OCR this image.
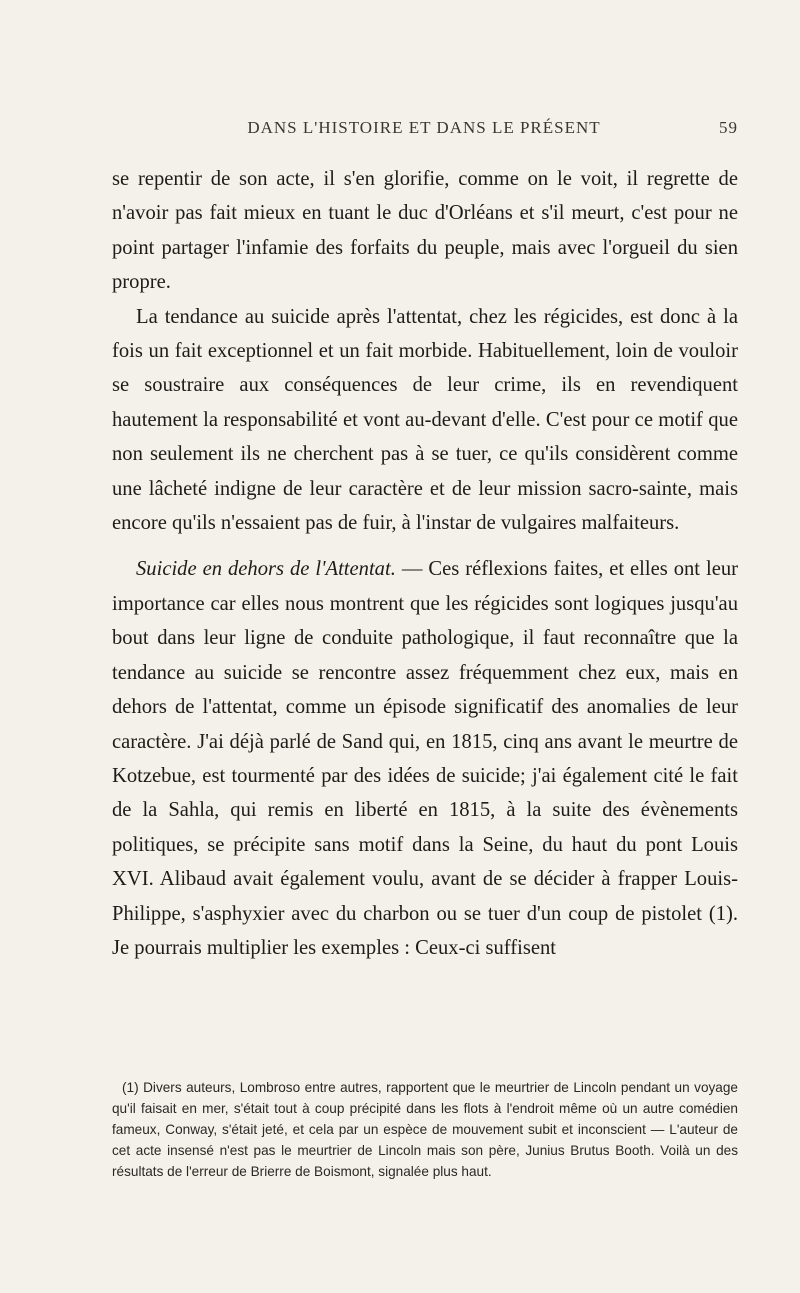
DANS L'HISTOIRE ET DANS LE PRÉSENT	59

se repentir de son acte, il s'en glorifie, comme on le voit, il regrette de n'avoir pas fait mieux en tuant le duc d'Orléans et s'il meurt, c'est pour ne point partager l'infamie des forfaits du peuple, mais avec l'orgueil du sien propre.

La tendance au suicide après l'attentat, chez les régicides, est donc à la fois un fait exceptionnel et un fait morbide. Habituellement, loin de vouloir se soustraire aux conséquences de leur crime, ils en revendiquent hautement la responsabilité et vont au-devant d'elle. C'est pour ce motif que non seulement ils ne cherchent pas à se tuer, ce qu'ils considèrent comme une lâcheté indigne de leur caractère et de leur mission sacro-sainte, mais encore qu'ils n'essaient pas de fuir, à l'instar de vulgaires malfaiteurs.

Suicide en dehors de l'Attentat. — Ces réflexions faites, et elles ont leur importance car elles nous montrent que les régicides sont logiques jusqu'au bout dans leur ligne de conduite pathologique, il faut reconnaître que la tendance au suicide se rencontre assez fréquemment chez eux, mais en dehors de l'attentat, comme un épisode significatif des anomalies de leur caractère. J'ai déjà parlé de Sand qui, en 1815, cinq ans avant le meurtre de Kotzebue, est tourmenté par des idées de suicide; j'ai également cité le fait de la Sahla, qui remis en liberté en 1815, à la suite des évènements politiques, se précipite sans motif dans la Seine, du haut du pont Louis XVI. Alibaud avait également voulu, avant de se décider à frapper Louis-Philippe, s'asphyxier avec du charbon ou se tuer d'un coup de pistolet (1). Je pourrais multiplier les exemples : Ceux-ci suffisent

(1) Divers auteurs, Lombroso entre autres, rapportent que le meurtrier de Lincoln pendant un voyage qu'il faisait en mer, s'était tout à coup précipité dans les flots à l'endroit même où un autre comédien fameux, Conway, s'était jeté, et cela par un espèce de mouvement subit et inconscient — L'auteur de cet acte insensé n'est pas le meurtrier de Lincoln mais son père, Junius Brutus Booth. Voilà un des résultats de l'erreur de Brierre de Boismont, signalée plus haut.
